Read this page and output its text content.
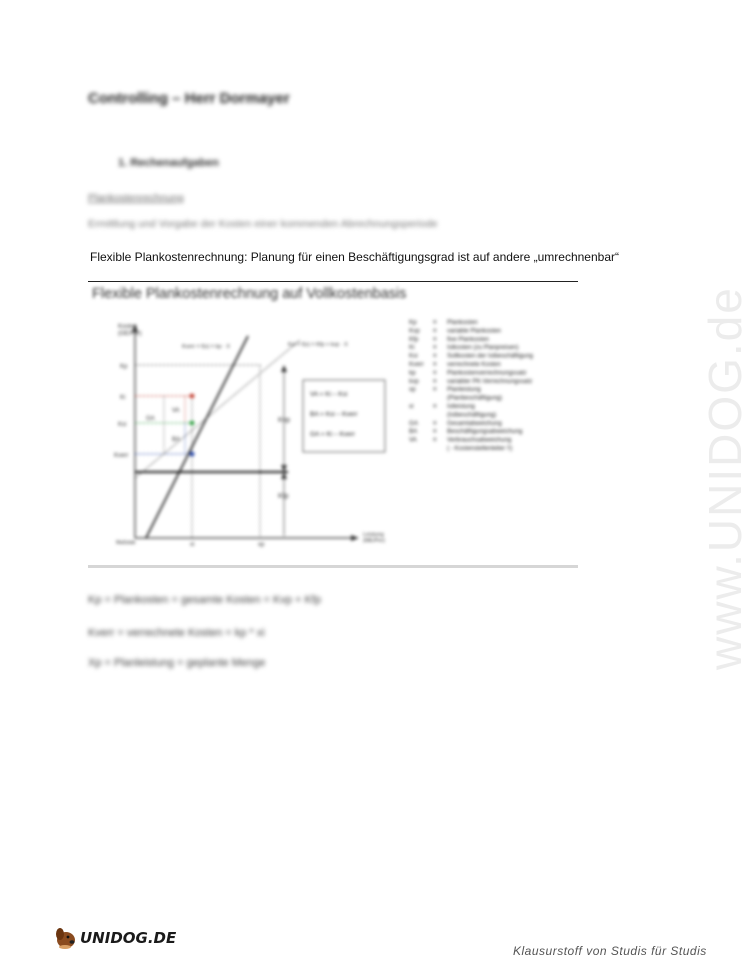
Controlling – Herr Dormayer
1. Rechenaufgaben
Plankostenrechnung
Ermittlung und Vorgabe der Kosten einer kommenden Abrechnungsperiode
Flexible Plankostenrechnung: Planung für einen Beschäftigungsgrad ist auf andere „umrechnenbar“
Flexible Plankostenrechnung auf Vollkostenbasis
Kosten
(GE/Per)
Leistung
(ME/Per)
Kp
Ki
Ksi
Kverr
xi	xp
Maßstab
Kverr = f(x) = kp · X	Ksi = f(x) = Kfp + kvp · X
GA
VA
BA
Kvp
Kfp
VA = Ki – Ksi
BA = Ksi – Kverr
GA = Ki – Kverr
Kp	= Plankosten
Kvp = variable Plankosten
Kfp = fixe Plankosten
Ki	= Istkosten (zu Planpreisen)
Ksi = Sollkosten der Istbeschäftigung
Kverr = verrechnete Kosten
kp	= Plankostenverrechnungssatz
kvp = variabler PK-Verrechnungssatz
xp	= Planleistung
(Planbeschäftigung)
xi	= Istleistung
(Istbeschäftigung)
GA = Gesamtabweichung
BA	= Beschäftigungsabweichung
VA	= Verbrauchsabweichung
( - Kostenstellenleiter !!)
Kp = Plankosten = gesamte Kosten = Kvp + Kfp
Kverr = verrechnete Kosten = kp * xi
Xp = Planleistung = geplante Menge	www.UNIDOG.de
UNIDOG.DE
Klausurstoff von Studis für Studis
